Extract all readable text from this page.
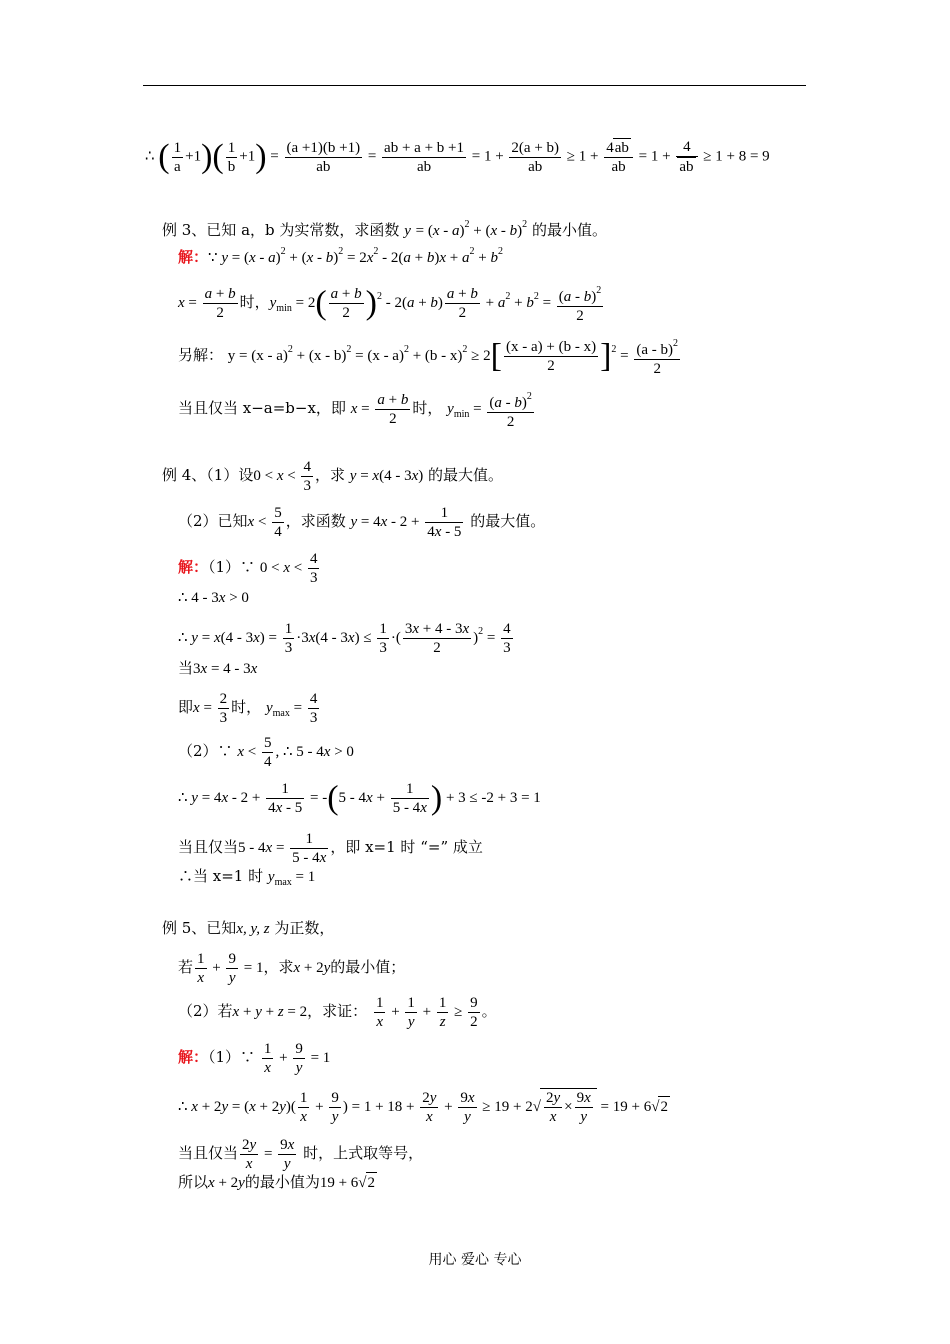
∴ ( $\frac{1}{a} +1)( \frac{1}{b} +1) = \frac{(a +1)(b +1)}{ab} = \frac{ab + a + b +1}{ab} = 1 + \frac{2(a + b)}{ab} \ge 1 + \frac{4ab}{ab} = 1 + \frac{4}{ab} \ge 1 + 8 = 9$
例 3、已知 a，b 为实常数，求函数 y = (x - a)$^2$ + (x - b)$^2$ 的最小值。
解：∵ $y = (x - a)^2 + (x - b)^2 = 2x^2 - 2(a + b)x + a^2 + b^2$
$x = \frac{a + b}{2}$ 时，$y_{min} = 2( \frac{a + b}{2} )^2 - 2(a + b) \frac{a + b}{2} + a^2 + b^2 = \frac{(a - b)^2}{2}$
另解： $y = (x - a)^2 + (x - b)^2 = (x - a)^2 + (b - x)^2 \ge 2[ \frac{(x - a) + (b - x)}{2} ]^2 = \frac{(a - b)^2}{2}$
当且仅当 x−a=b−x，即 $x = \frac{a + b}{2}$ 时， $y_{min} = \frac{(a - b)^2}{2}$
例 4、（1）设$0 < x < \frac{4}{3}$ ，求 y = x(4 - 3x) 的最大值。
（2）已知$x < \frac{5}{4}$ ，求函数 $y = 4x - 2 + \frac{1}{4x - 5}$ 的最大值。
解：（1）∵ $0 < x < \frac{4}{3}$
∴ 4 - 3x > 0
∴ $y = x(4 - 3x) = \frac{1}{3} \cdot 3x(4 - 3x) \le \frac{1}{3}$ ·( $\frac{3x + 4 - 3x}{2} )^2 = \frac{4}{3}$
当3x = 4 - 3x
即$x = \frac{2}{3}$ 时， $y_{max} = \frac{4}{3}$
（2）∵ $x < \frac{5}{4}$ , ∴ 5 - 4x > 0
∴ $y = 4x - 2 + \frac{1}{4x - 5} = -(5 - 4x + \frac{1}{5 - 4x}$ ) + 3 ≤ -2 + 3 = 1
当且仅当$5 - 4x = \frac{1}{5 - 4x}$ ，即 x=1 时 “=” 成立
∴当 x=1 时 $y_{max} = 1$
例 5、已知x, y, z 为正数，
若 $\frac{1}{x} + \frac{9}{y} = 1$，求x + 2y的最小值；
（2）若x + y + z = 2，求证： $\frac{1}{x} + \frac{1}{y} + \frac{1}{z} \ge \frac{9}{2}$ 。
解：（1）∵ $\frac{1}{x} + \frac{9}{y} = 1$
∴ $x + 2y = (x + 2y)( \frac{1}{x} + \frac{9}{y}$ ) = $1 + 18 + \frac{2y}{x} + \frac{9x}{y} \ge 19 + 2√ \frac{2y}{x} \times \frac{9x}{y} = 19 + 6√2$
当且仅当 $\frac{2y}{x} = \frac{9x}{y}$ 时，上式取等号，
所以x + 2y的最小值为19 + 6√2
用心 爱心 专心
